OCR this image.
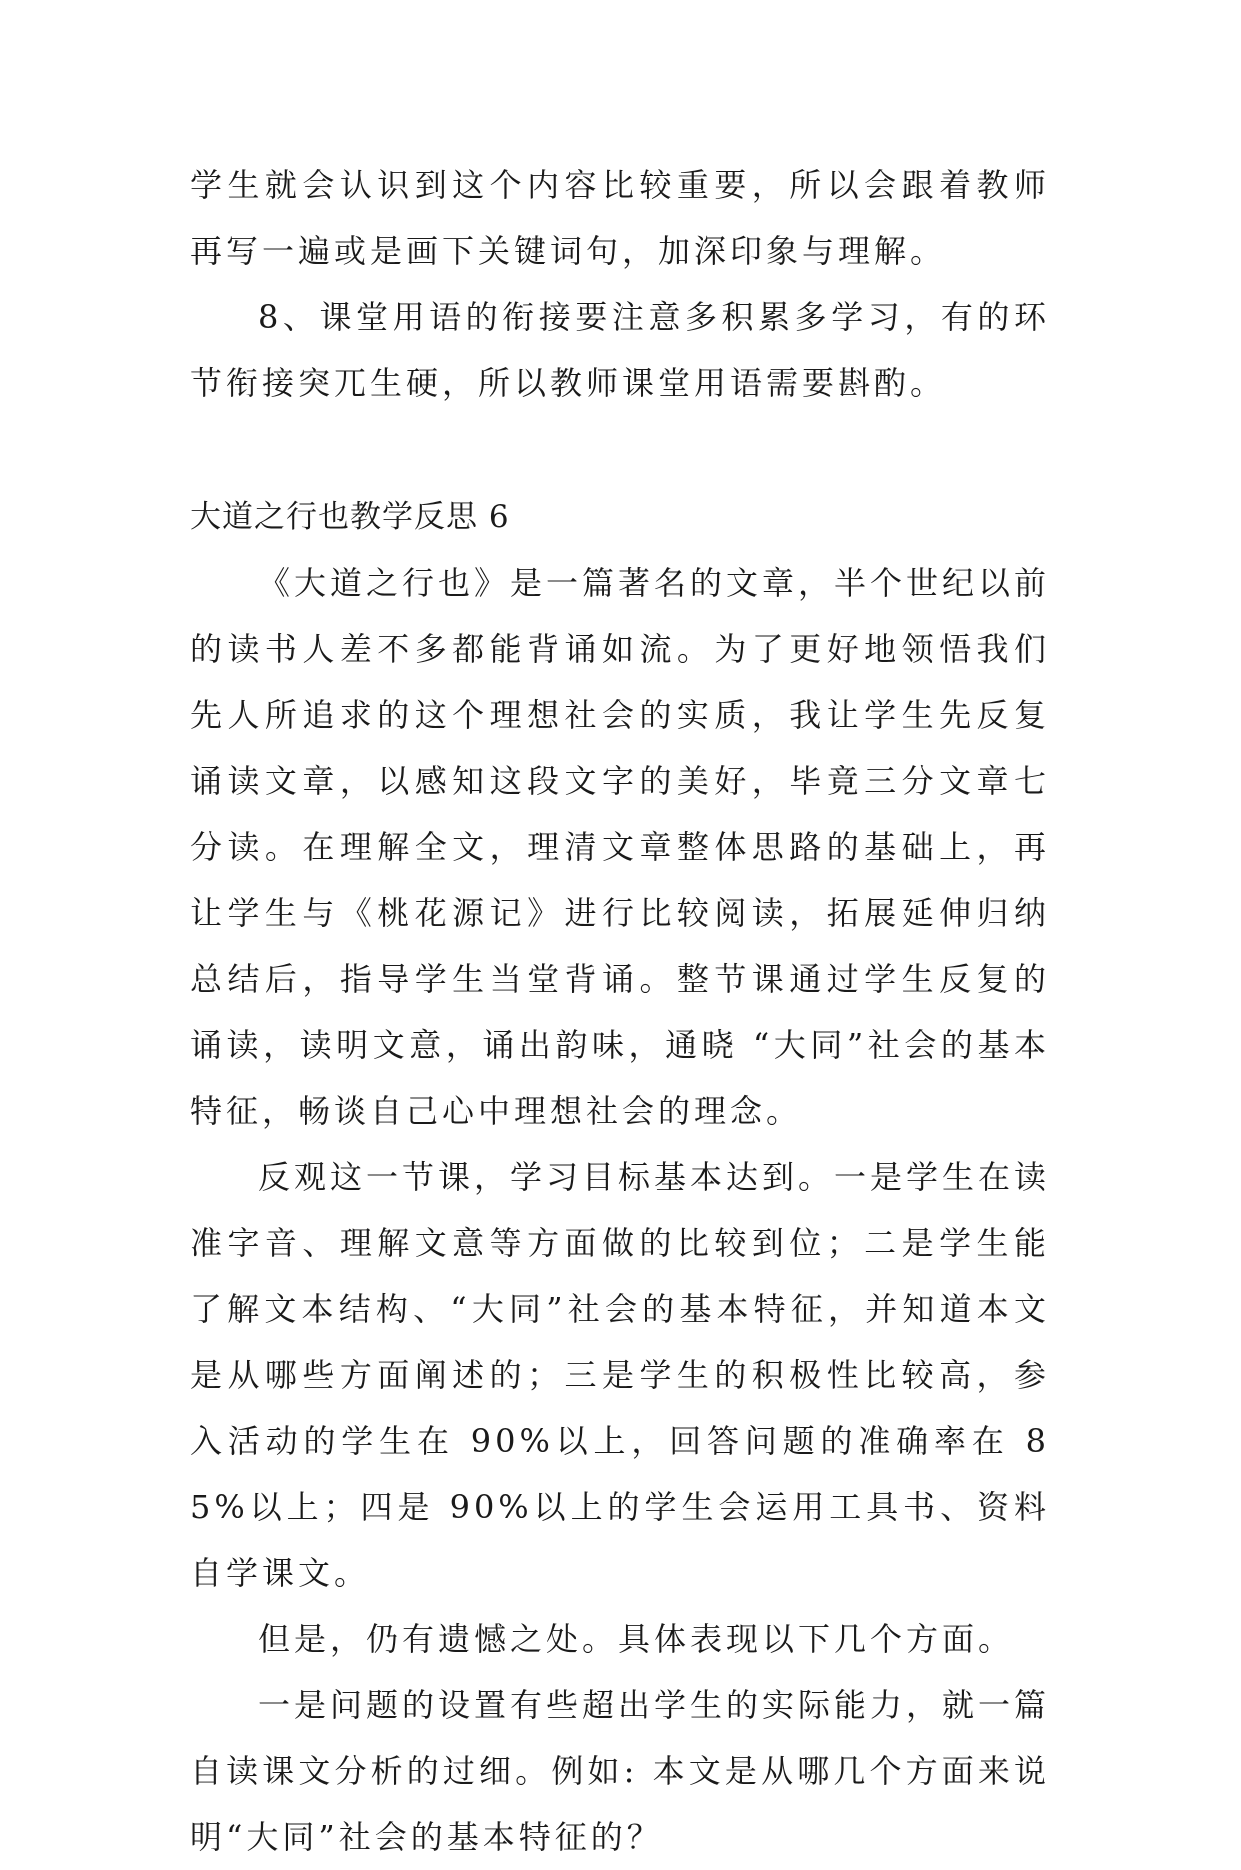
学生就会认识到这个内容比较重要，所以会跟着教师再写一遍或是画下关键词句，加深印象与理解。

8、课堂用语的衔接要注意多积累多学习，有的环节衔接突兀生硬，所以教师课堂用语需要斟酌。

大道之行也教学反思 6

《大道之行也》是一篇著名的文章，半个世纪以前的读书人差不多都能背诵如流。为了更好地领悟我们先人所追求的这个理想社会的实质，我让学生先反复诵读文章，以感知这段文字的美好，毕竟三分文章七分读。在理解全文，理清文章整体思路的基础上，再让学生与《桃花源记》进行比较阅读，拓展延伸归纳总结后，指导学生当堂背诵。整节课通过学生反复的诵读，读明文意，诵出韵味，通晓 “大同”社会的基本特征，畅谈自己心中理想社会的理念。

反观这一节课，学习目标基本达到。一是学生在读准字音、理解文意等方面做的比较到位；二是学生能了解文本结构、“大同”社会的基本特征，并知道本文是从哪些方面阐述的；三是学生的积极性比较高，参入活动的学生在 90%以上，回答问题的准确率在 85%以上；四是 90%以上的学生会运用工具书、资料自学课文。

但是，仍有遗憾之处。具体表现以下几个方面。

一是问题的设置有些超出学生的实际能力，就一篇自读课文分析的过细。例如: 本文是从哪几个方面来说明“大同”社会的基本特征的？
